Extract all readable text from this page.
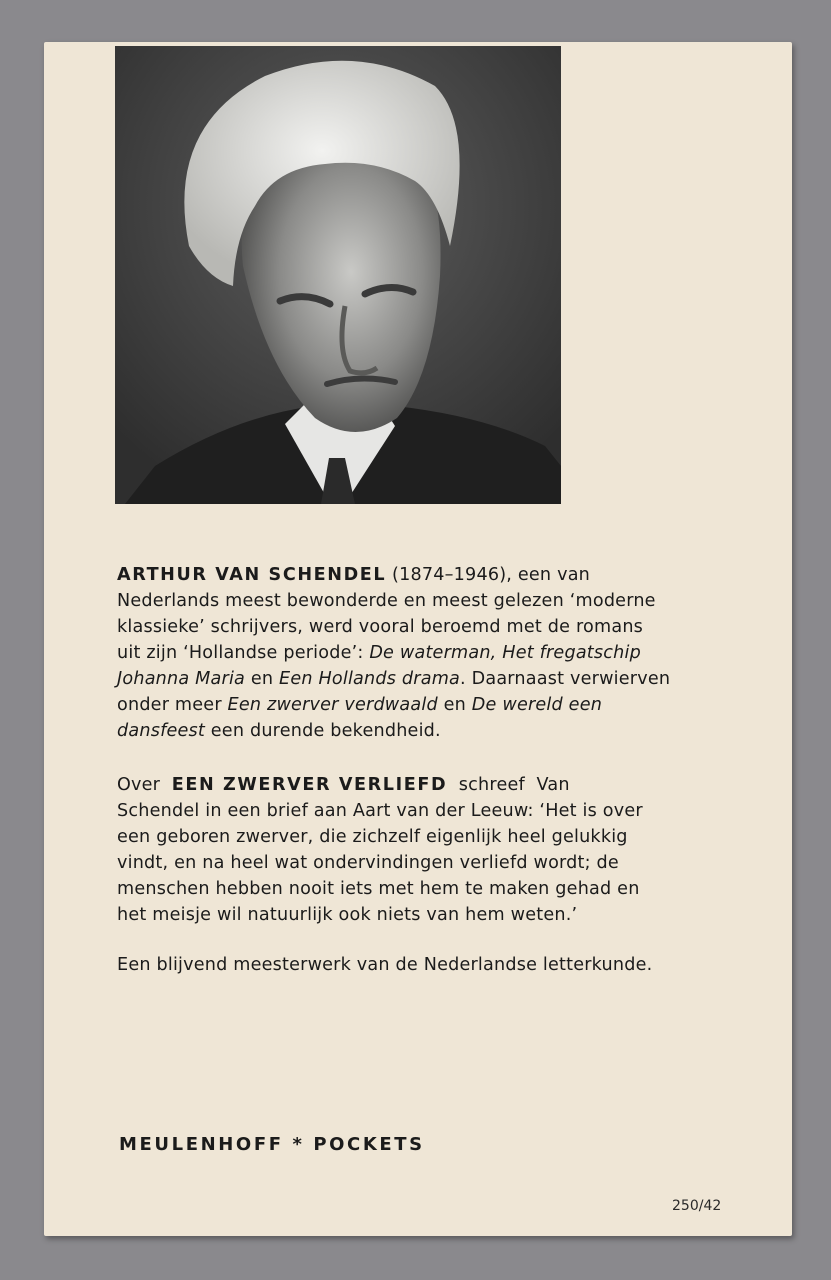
ARTHUR VAN SCHENDEL (1874–1946), een van
Nederlands meest bewonderde en meest gelezen ‘moderne
klassieke’ schrijvers, werd vooral beroemd met de romans
uit zijn ‘Hollandse periode’: De waterman, Het fregatschip
Johanna Maria en Een Hollands drama. Daarnaast verwierven
onder meer Een zwerver verdwaald en De wereld een
dansfeest een durende bekendheid.

Over  EEN ZWERVER VERLIEFD  schreef  Van
Schendel in een brief aan Aart van der Leeuw: ‘Het is over
een geboren zwerver, die zichzelf eigenlijk heel gelukkig
vindt, en na heel wat ondervindingen verliefd wordt; de
menschen hebben nooit iets met hem te maken gehad en
het meisje wil natuurlijk ook niets van hem weten.’

Een blijvend meesterwerk van de Nederlandse letterkunde.

MEULENHOFF * POCKETS
250/42
